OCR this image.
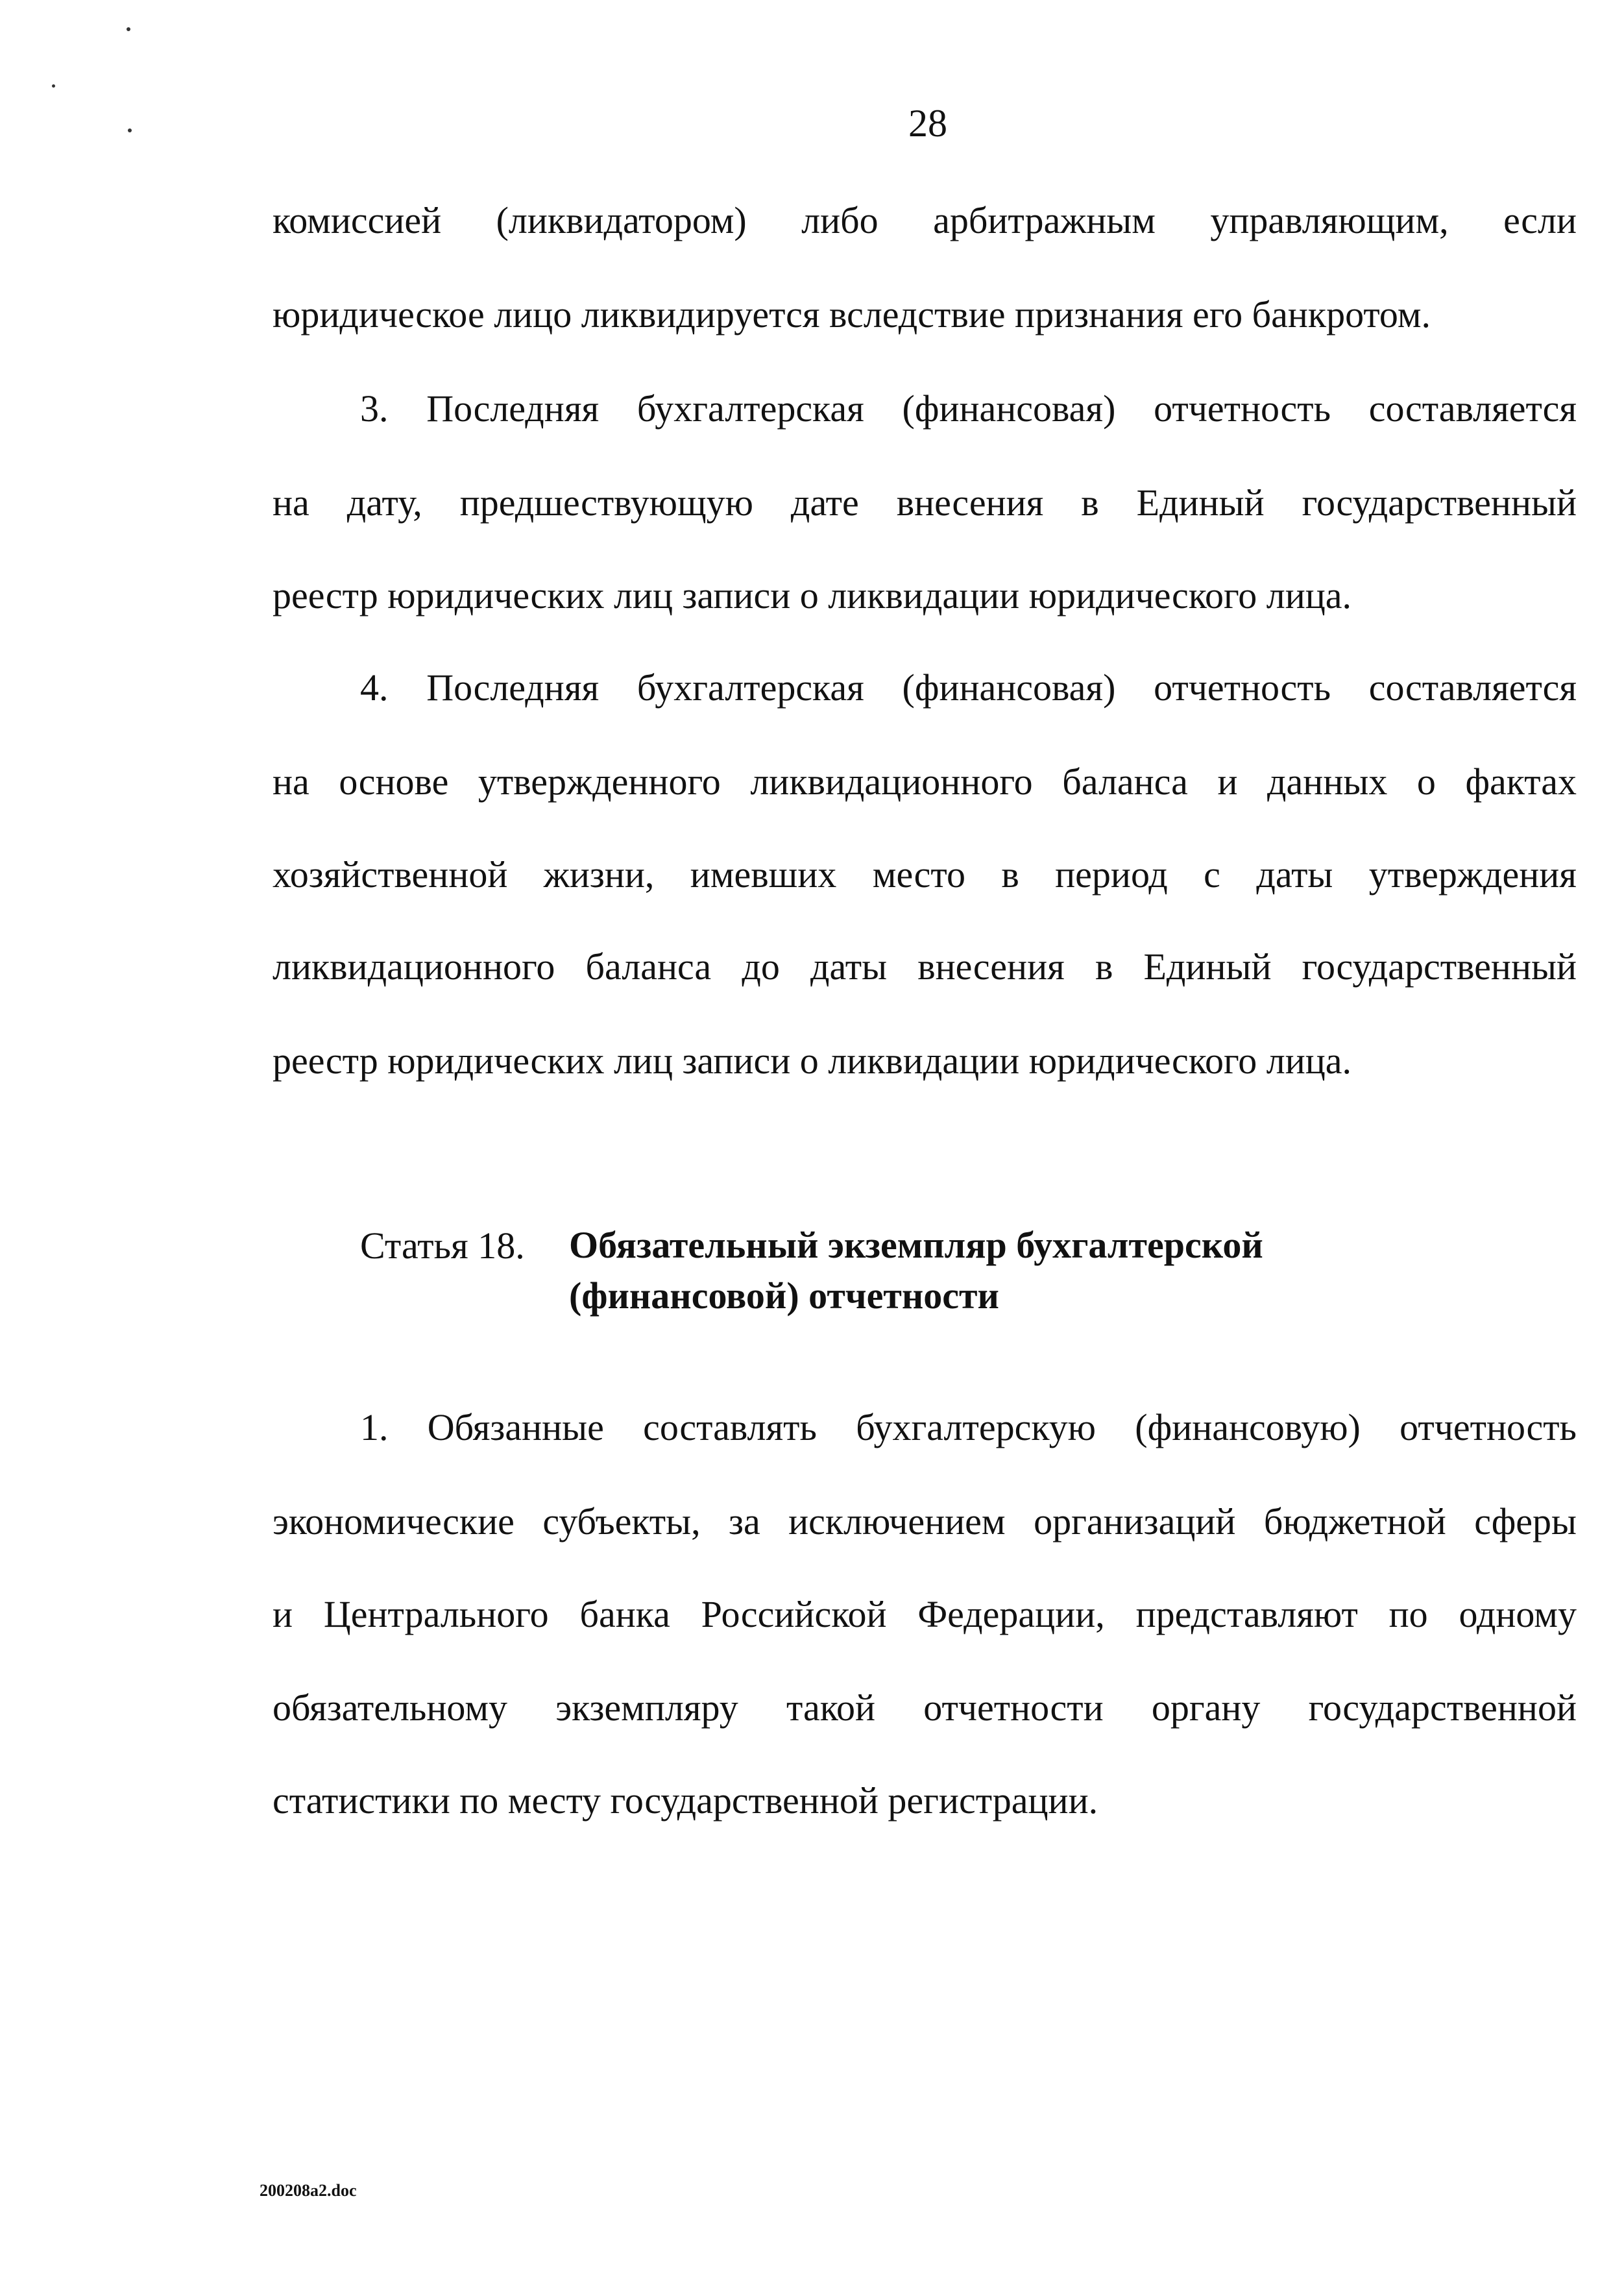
28
комиссией (ликвидатором) либо арбитражным управляющим, если
юридическое лицо ликвидируется вследствие признания его банкротом.
3. Последняя бухгалтерская (финансовая) отчетность составляется
на дату, предшествующую дате внесения в Единый государственный
реестр юридических лиц записи о ликвидации юридического лица.
4. Последняя бухгалтерская (финансовая) отчетность составляется
на основе утвержденного ликвидационного баланса и данных о фактах
хозяйственной жизни, имевших место в период с даты утверждения
ликвидационного баланса до даты внесения в Единый государственный
реестр юридических лиц записи о ликвидации юридического лица.
Статья 18. Обязательный экземпляр бухгалтерской
(финансовой) отчетности
1. Обязанные составлять бухгалтерскую (финансовую) отчетность
экономические субъекты, за исключением организаций бюджетной сферы
и Центрального банка Российской Федерации, представляют по одному
обязательному экземпляру такой отчетности органу государственной
статистики по месту государственной регистрации.
200208a2.doc
